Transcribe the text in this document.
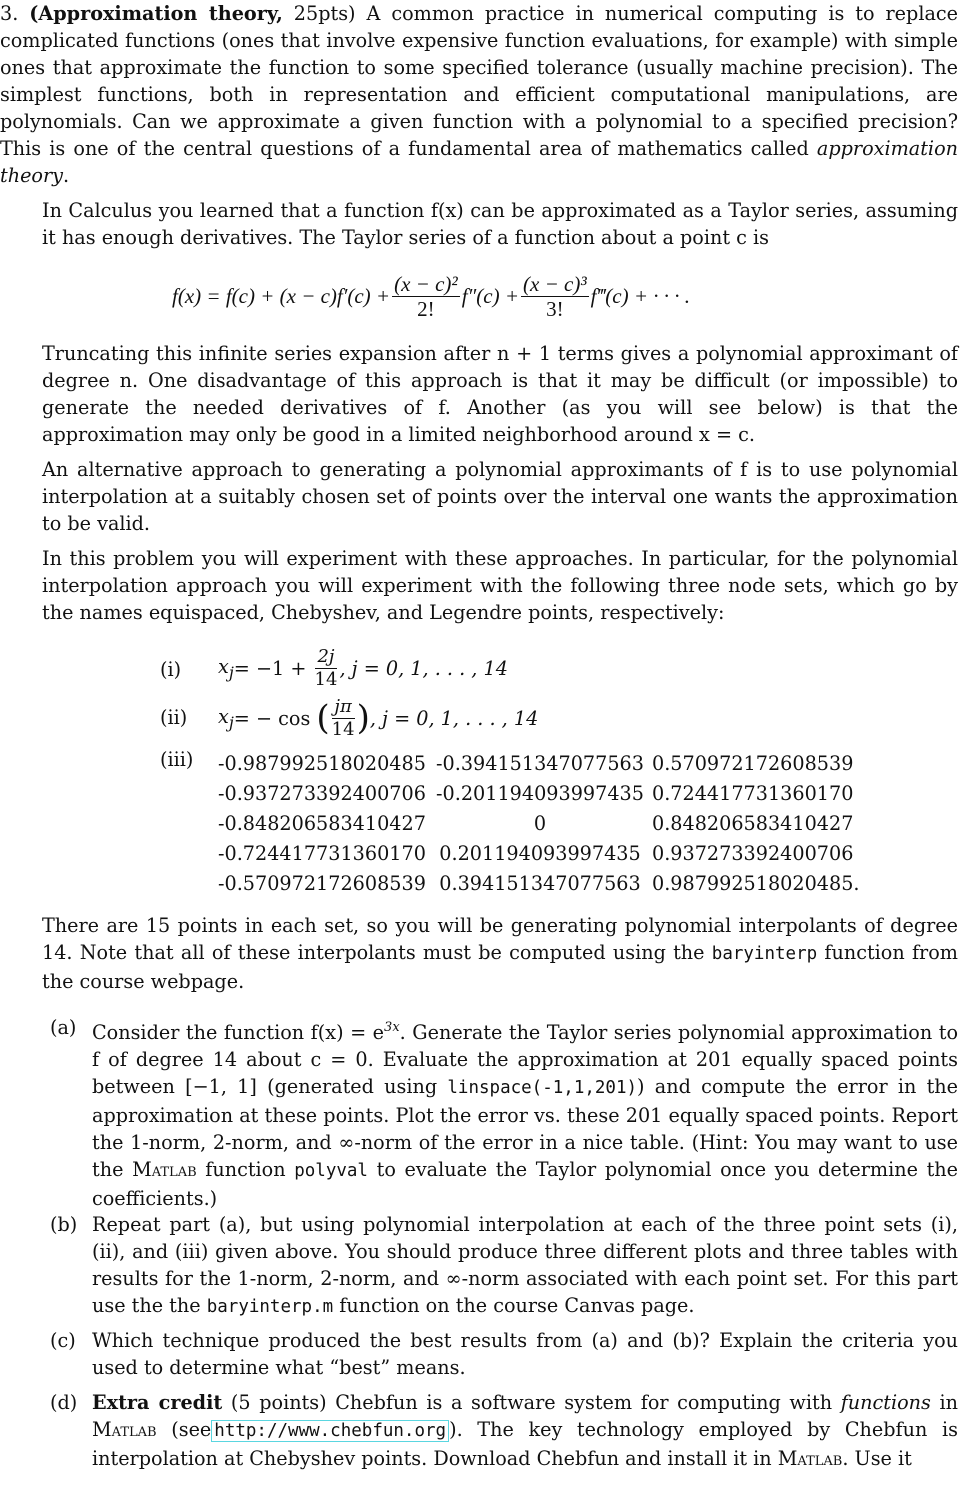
3. (Approximation theory, 25pts) A common practice in numerical computing is to replace complicated functions (ones that involve expensive function evaluations, for example) with simple ones that approximate the function to some specified tolerance (usually machine precision). The simplest functions, both in representation and efficient computational manipulations, are polynomials. Can we approximate a given function with a polynomial to a specified precision? This is one of the central questions of a fundamental area of mathematics called approximation theory.

In Calculus you learned that a function f(x) can be approximated as a Taylor series, assuming it has enough derivatives. The Taylor series of a function about a point c is

$f(x) = f(c) + (x - c)f'(c) + \frac{\text{(x − c)²}}{2!} f''(c) + \frac{\text{(x − c)³}}{3!}$ f‴(c) + · · · .

Truncating this infinite series expansion after n + 1 terms gives a polynomial approximant of degree n. One disadvantage of this approach is that it may be difficult (or impossible) to generate the needed derivatives of f. Another (as you will see below) is that the approximation may only be good in a limited neighborhood around x = c.

An alternative approach to generating a polynomial approximants of f is to use polynomial interpolation at a suitably chosen set of points over the interval one wants the approximation to be valid.

In this problem you will experiment with these approaches. In particular, for the polynomial interpolation approach you will experiment with the following three node sets, which go by the names equispaced, Chebyshev, and Legendre points, respectively:

(i)	$x_j= -1 + \frac{2j}{14}$ , j = 0, 1, . . . , 14
(ii)	$x_j= - \cos$ ( $\frac{j\pi}{14}$ ), j = 0, 1, . . . , 14
(iii)	-0.987992518020485	-0.394151347077563	0.570972172608539
-0.937273392400706	-0.201194093997435	0.724417731360170
-0.848206583410427	0	0.848206583410427
-0.724417731360170	0.201194093997435	0.937273392400706
-0.570972172608539	0.394151347077563	0.987992518020485.

There are 15 points in each set, so you will be generating polynomial interpolants of degree 14. Note that all of these interpolants must be computed using the baryinterp function from the course webpage.

(a) Consider the function $f(x) = e^{3x}$. Generate the Taylor series polynomial approximation to f of degree 14 about c = 0. Evaluate the approximation at 201 equally spaced points between [−1, 1] (generated using linspace(-1,1,201)) and compute the error in the approximation at these points. Plot the error vs. these 201 equally spaced points. Report the 1-norm, 2-norm, and ∞-norm of the error in a nice table. (Hint: You may want to use the Matlab function polyval to evaluate the Taylor polynomial once you determine the coefficients.)
(b) Repeat part (a), but using polynomial interpolation at each of the three point sets (i), (ii), and (iii) given above. You should produce three different plots and three tables with results for the 1-norm, 2-norm, and ∞-norm associated with each point set. For this part use the the baryinterp.m function on the course Canvas page.
(c) Which technique produced the best results from (a) and (b)? Explain the criteria you used to determine what “best” means.
(d) Extra credit (5 points) Chebfun is a software system for computing with functions in Matlab (see http://www.chebfun.org ). The key technology employed by Chebfun is interpolation at Chebyshev points. Download Chebfun and install it in Matlab. Use it
